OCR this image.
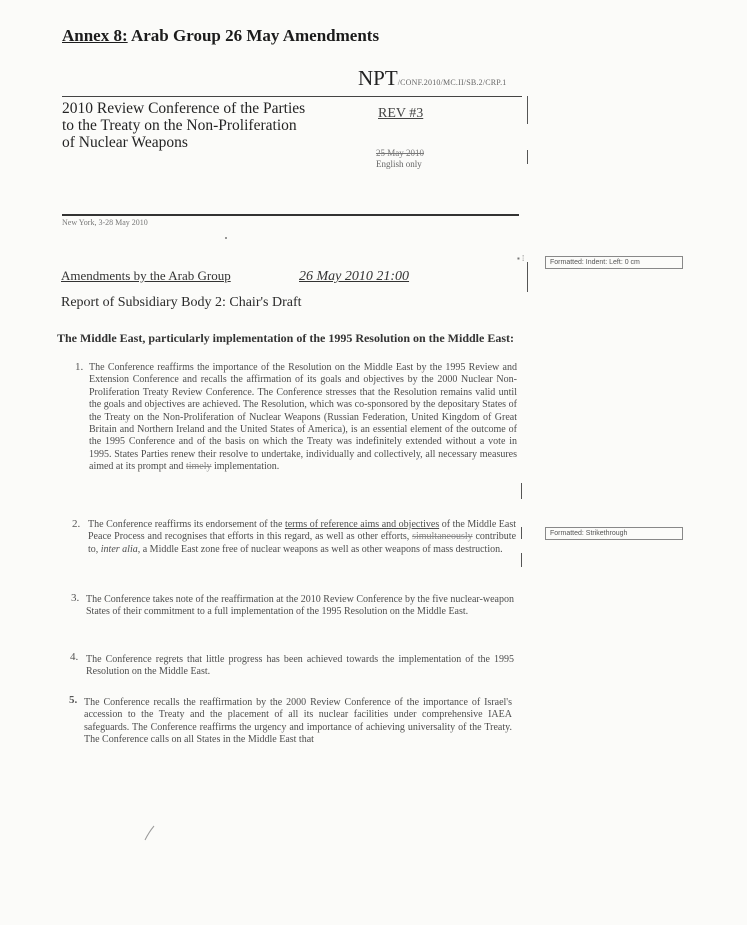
Annex 8: Arab Group 26 May Amendments
NPT/CONF.2010/MC.II/SB.2/CRP.1
2010 Review Conference of the Parties
to the Treaty on the Non-Proliferation
of Nuclear Weapons
REV #3
25 May 2010
English only
New York, 3-28 May 2010
Amendments by the Arab Group	26 May 2010 21:00
▪ ⁞	Formatted: Indent: Left: 0 cm
Report of Subsidiary Body 2: Chair's Draft
The Middle East, particularly implementation of the 1995 Resolution on the Middle East:
1. The Conference reaffirms the importance of the Resolution on the Middle East by the 1995 Review and Extension Conference and recalls the affirmation of its goals and objectives by the 2000 Nuclear Non-Proliferation Treaty Review Conference. The Conference stresses that the Resolution remains valid until the goals and objectives are achieved. The Resolution, which was co-sponsored by the depositary States of the Treaty on the Non-Proliferation of Nuclear Weapons (Russian Federation, United Kingdom of Great Britain and Northern Ireland and the United States of America), is an essential element of the outcome of the 1995 Conference and of the basis on which the Treaty was indefinitely extended without a vote in 1995. States Parties renew their resolve to undertake, individually and collectively, all necessary measures aimed at its prompt and timely implementation.
2. The Conference reaffirms its endorsement of the terms of reference aims and objectives of the Middle East Peace Process and recognises that efforts in this regard, as well as other efforts, simultaneously contribute to, inter alia, a Middle East zone free of nuclear weapons as well as other weapons of mass destruction.
Formatted: Strikethrough
3. The Conference takes note of the reaffirmation at the 2010 Review Conference by the five nuclear-weapon States of their commitment to a full implementation of the 1995 Resolution on the Middle East.
4. The Conference regrets that little progress has been achieved towards the implementation of the 1995 Resolution on the Middle East.
5. The Conference recalls the reaffirmation by the 2000 Review Conference of the importance of Israel's accession to the Treaty and the placement of all its nuclear facilities under comprehensive IAEA safeguards. The Conference reaffirms the urgency and importance of achieving universality of the Treaty. The Conference calls on all States in the Middle East that
